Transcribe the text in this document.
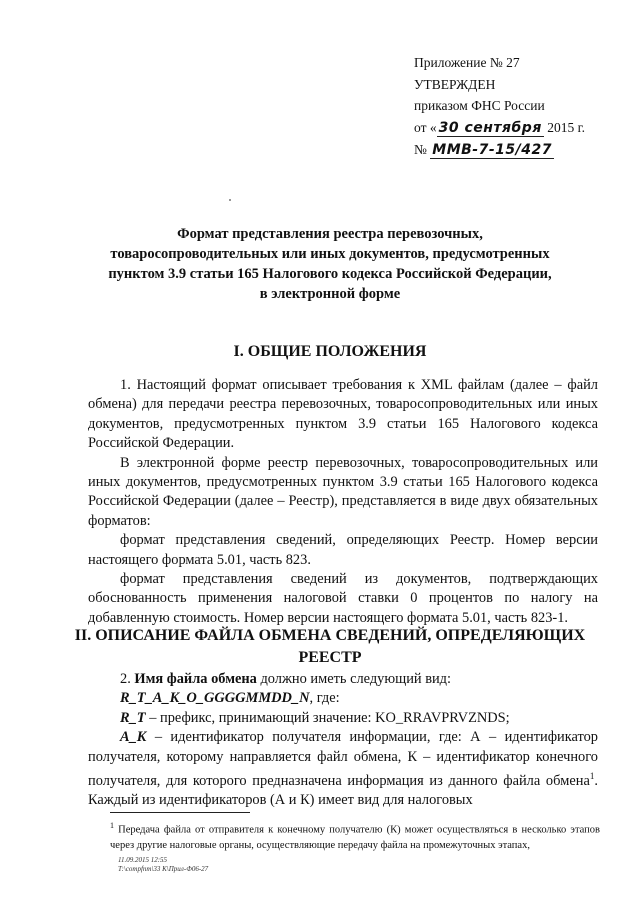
Приложение № 27
УТВЕРЖДЕН
приказом ФНС России
от « 30 сентября 2015 г.
№ ММВ-7-15/427
Формат представления реестра перевозочных,
товаросопроводительных или иных документов, предусмотренных
пунктом 3.9 статьи 165 Налогового кодекса Российской Федерации,
в электронной форме
I. ОБЩИЕ ПОЛОЖЕНИЯ

1. Настоящий формат описывает требования к XML файлам (далее – файл обмена) для передачи реестра перевозочных, товаросопроводительных или иных документов, предусмотренных пунктом 3.9 статьи 165 Налогового кодекса Российской Федерации.

В электронной форме реестр перевозочных, товаросопроводительных или иных документов, предусмотренных пунктом 3.9 статьи 165 Налогового кодекса Российской Федерации (далее – Реестр), представляется в виде двух обязательных форматов:

формат представления сведений, определяющих Реестр. Номер версии настоящего формата 5.01, часть 823.

формат представления сведений из документов, подтверждающих обоснованность применения налоговой ставки 0 процентов по налогу на добавленную стоимость. Номер версии настоящего формата 5.01, часть 823-1.

II. ОПИСАНИЕ ФАЙЛА ОБМЕНА СВЕДЕНИЙ, ОПРЕДЕЛЯЮЩИХ
РЕЕСТР

2. Имя файла обмена должно иметь следующий вид:

R_T_A_K_O_GGGGMMDD_N, где:

R_T – префикс, принимающий значение: KO_RRAVPRVZNDS;

A_K – идентификатор получателя информации, где: А – идентификатор получателя, которому направляется файл обмена, К – идентификатор конечного получателя, для которого предназначена информация из данного файла обмена$^1$. Каждый из идентификаторов (А и К) имеет вид для налоговых

$^1$ Передача файла от отправителя к конечному получателю (К) может осуществляться в несколько этапов через другие налоговые органы, осуществляющие передачу файла на промежуточных этапах,
11.09.2015 12:55
T:\compfnm\33 K\Прил-Ф06-27
